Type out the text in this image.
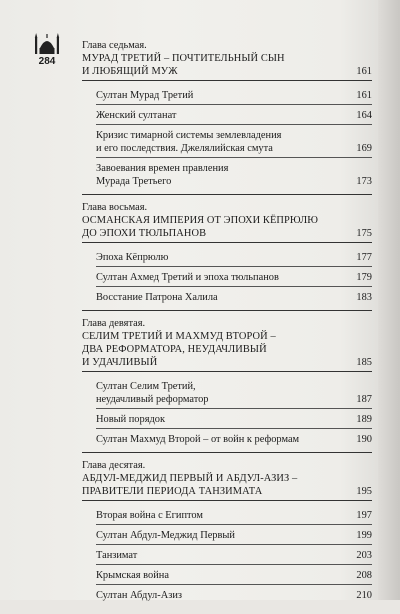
284
Глава седьмая.
МУРАД ТРЕТИЙ – ПОЧТИТЕЛЬНЫЙ СЫН
И ЛЮБЯЩИЙ МУЖ	161
Султан Мурад Третий	161
Женский султанат	164
Кризис тимарной системы землевладения
и его последствия. Джелялийская смута	169
Завоевания времен правления
Мурада Третьего	173
Глава восьмая.
ОСМАНСКАЯ ИМПЕРИЯ ОТ ЭПОХИ КЁПРЮЛЮ
ДО ЭПОХИ ТЮЛЬПАНОВ	175
Эпоха Кёпрюлю	177
Султан Ахмед Третий и эпоха тюльпанов	179
Восстание Патрона Халила	183
Глава девятая.
СЕЛИМ ТРЕТИЙ И МАХМУД ВТОРОЙ –
ДВА РЕФОРМАТОРА, НЕУДАЧЛИВЫЙ
И УДАЧЛИВЫЙ	185
Султан Селим Третий,
неудачливый реформатор	187
Новый порядок	189
Султан Махмуд Второй – от войн к реформам	190
Глава десятая.
АБДУЛ-МЕДЖИД ПЕРВЫЙ И АБДУЛ-АЗИЗ –
ПРАВИТЕЛИ ПЕРИОДА ТАНЗИМАТА	195
Вторая война с Египтом	197
Султан Абдул-Меджид Первый	199
Танзимат	203
Крымская война	208
Султан Абдул-Азиз	210
